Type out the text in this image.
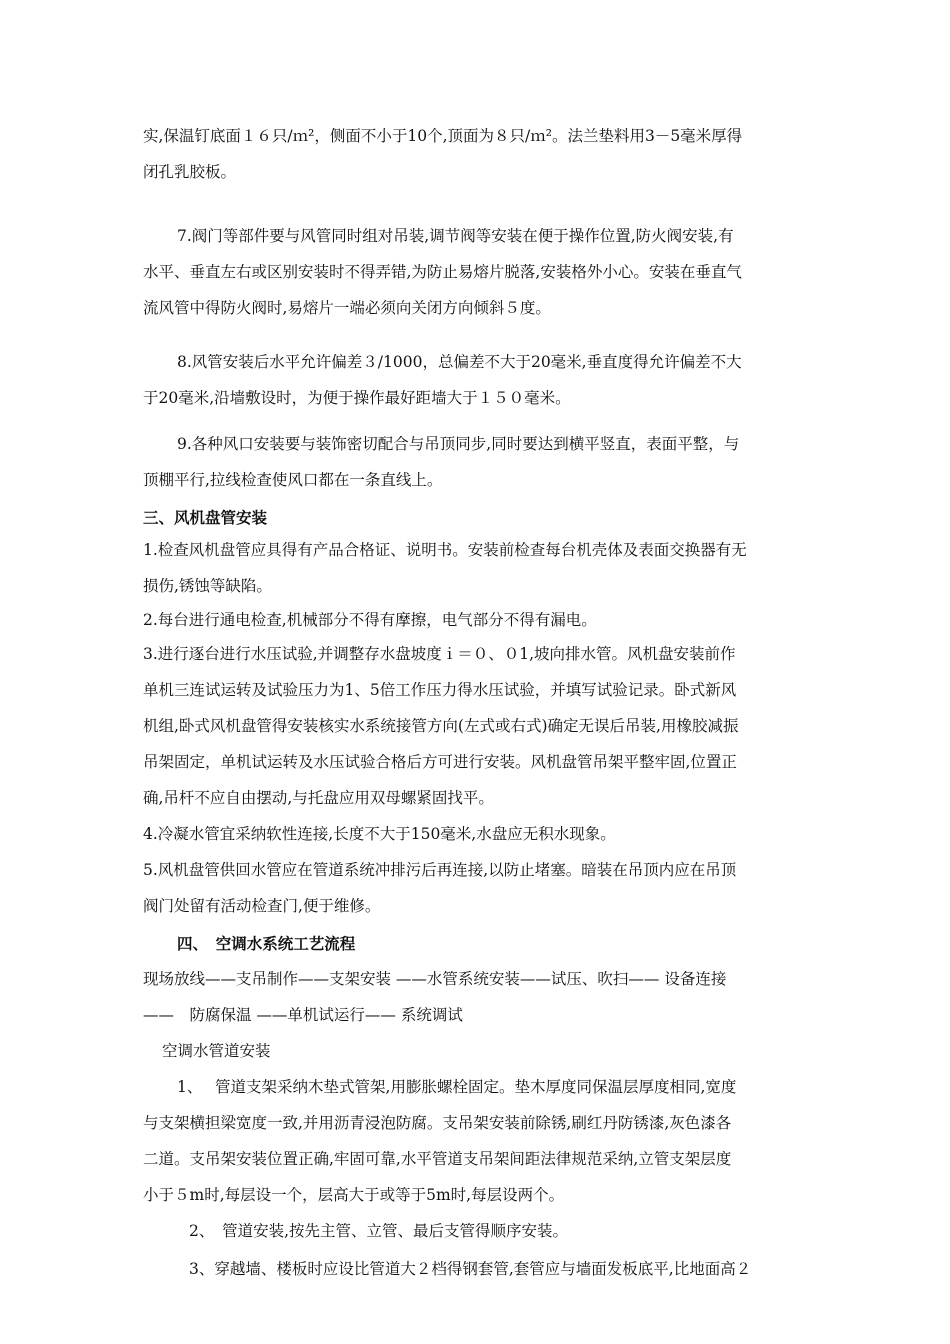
实,保温钉底面１６只/ｍ²，侧面不小于10个,顶面为８只/ｍ²。法兰垫料用3－5毫米厚得
闭孔乳胶板。
7.阀门等部件要与风管同时组对吊装,调节阀等安装在便于操作位置,防火阀安装,有
水平、垂直左右或区别安装时不得弄错,为防止易熔片脱落,安装格外小心。安装在垂直气
流风管中得防火阀时,易熔片一端必须向关闭方向倾斜５度。
8.风管安装后水平允许偏差３/1000，总偏差不大于20毫米,垂直度得允许偏差不大
于20毫米,沿墙敷设时，为便于操作最好距墙大于１５０毫米。
9.各种风口安装要与装饰密切配合与吊顶同步,同时要达到横平竖直，表面平整，与
顶棚平行,拉线检查使风口都在一条直线上。
三、风机盘管安装
1.检查风机盘管应具得有产品合格证、说明书。安装前检查每台机壳体及表面交换器有无
损伤,锈蚀等缺陷。
2.每台进行通电检查,机械部分不得有摩擦，电气部分不得有漏电。
3.进行逐台进行水压试验,并调整存水盘坡度ｉ＝０、０1,坡向排水管。风机盘安装前作
单机三连试运转及试验压力为1、5倍工作压力得水压试验，并填写试验记录。卧式新风
机组,卧式风机盘管得安装核实水系统接管方向(左式或右式)确定无误后吊装,用橡胶减振
吊架固定，单机试运转及水压试验合格后方可进行安装。风机盘管吊架平整牢固,位置正
确,吊杆不应自由摆动,与托盘应用双母螺紧固找平。
4.冷凝水管宜采纳软性连接,长度不大于150毫米,水盘应无积水现象。
5.风机盘管供回水管应在管道系统冲排污后再连接,以防止堵塞。暗装在吊顶内应在吊顶
阀门处留有活动检查门,便于维修。
四、　空调水系统工艺流程
现场放线——支吊制作——支架安装 ——水管系统安装——试压、吹扫—— 设备连接
——　防腐保温 ——单机试运行—— 系统调试
空调水管道安装
1、　 管道支架采纳木垫式管架,用膨胀螺栓固定。垫木厚度同保温层厚度相同,宽度
与支架横担梁宽度一致,并用沥青浸泡防腐。支吊架安装前除锈,刷红丹防锈漆,灰色漆各
二道。支吊架安装位置正确,牢固可靠,水平管道支吊架间距法律规范采纳,立管支架层度
小于５m时,每层设一个，层高大于或等于5m时,每层设两个。
2、　管道安装,按先主管、立管、最后支管得顺序安装。
3、穿越墙、楼板时应设比管道大２档得钢套管,套管应与墙面发板底平,比地面高２
